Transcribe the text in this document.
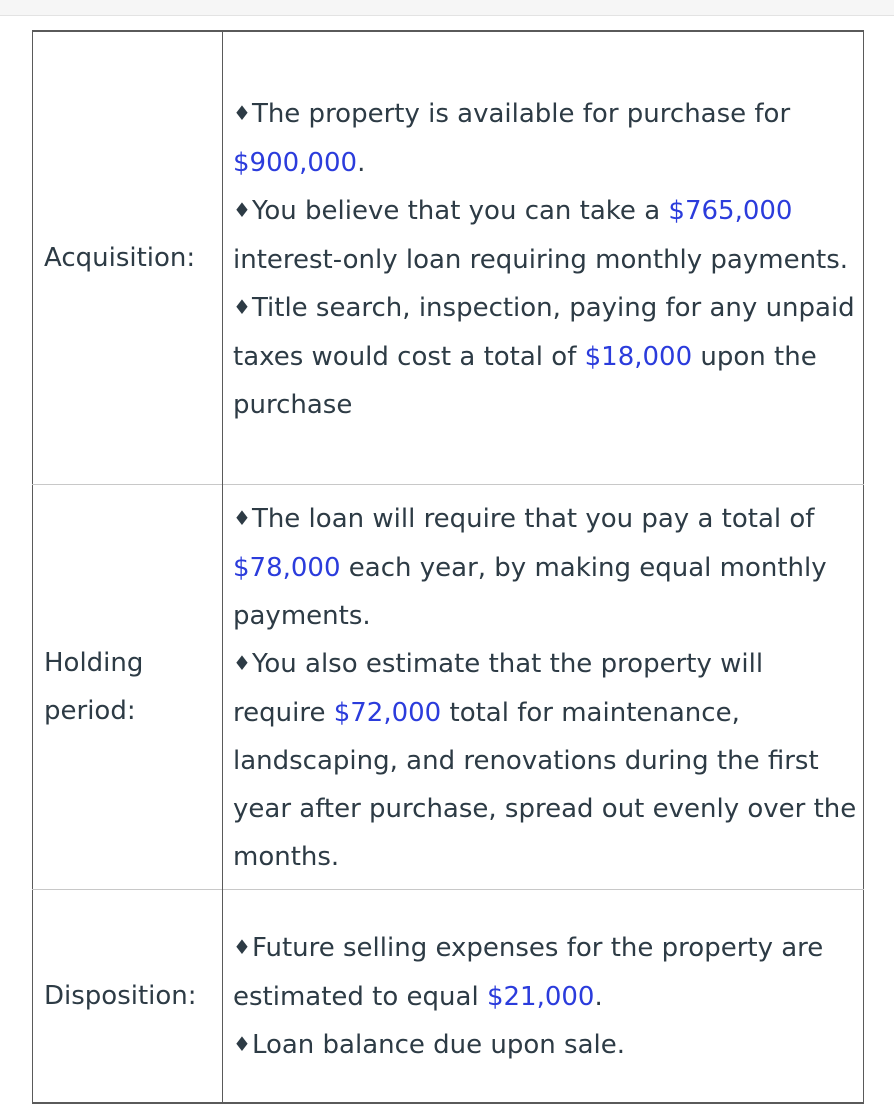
Acquisition:	♦The property is available for purchase for $900,000.
♦You believe that you can take a $765,000 interest-only loan requiring monthly payments.
♦Title search, inspection, paying for any unpaid taxes would cost a total of $18,000 upon the purchase

Holding period:	♦The loan will require that you pay a total of $78,000 each year, by making equal monthly payments.
♦You also estimate that the property will require $72,000 total for maintenance, landscaping, and renovations during the first year after purchase, spread out evenly over the months.

Disposition:	♦Future selling expenses for the property are estimated to equal $21,000.
♦Loan balance due upon sale.
